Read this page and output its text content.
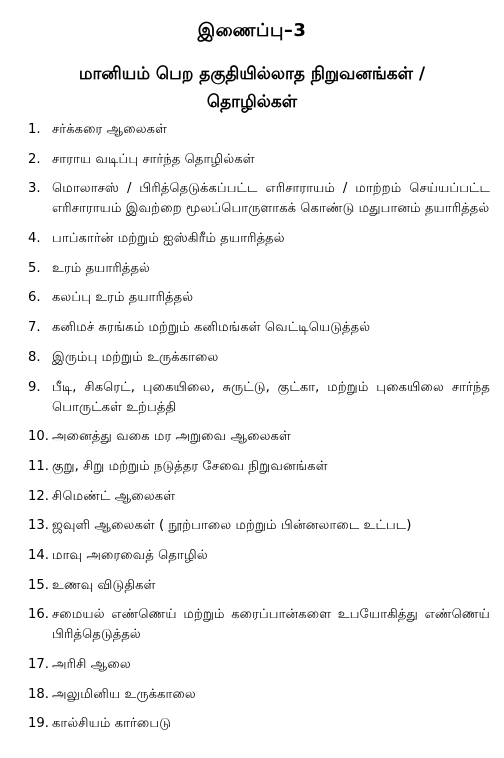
இணைப்பு–3
மானியம் பெற தகுதியில்லாத நிறுவனங்கள் /
தொழில்கள்
1. சர்க்கரை ஆலைகள்
2. சாராய வடிப்பு சார்ந்த தொழில்கள்
3. மொலாசஸ் / பிரித்தெடுக்கப்பட்ட எரிசாராயம் / மாற்றம் செய்யப்பட்ட எரிசாராயம் இவற்றை மூலப்பொருளாகக் கொண்டு மதுபானம் தயாரித்தல்
4. பாப்கார்ன் மற்றும் ஐஸ்கிரீம் தயாரித்தல்
5. உரம் தயாரித்தல்
6. கலப்பு உரம் தயாரித்தல்
7. கனிமச் சுரங்கம் மற்றும் கனிமங்கள் வெட்டியெடுத்தல்
8. இரும்பு மற்றும் உருக்காலை
9. பீடி, சிகரெட், புகையிலை, சுருட்டு, குட்கா, மற்றும் புகையிலை சார்ந்த பொருட்கள் உற்பத்தி
10. அனைத்து வகை மர அறுவை ஆலைகள்
11. குறு, சிறு மற்றும் நடுத்தர சேவை நிறுவனங்கள்
12. சிமெண்ட் ஆலைகள்
13. ஜவுளி ஆலைகள் ( நூற்பாலை மற்றும் பின்னலாடை உட்பட)
14. மாவு அரைவைத் தொழில்
15. உணவு விடுதிகள்
16. சமையல் எண்ணெய் மற்றும் கரைப்பான்களை உபயோகித்து எண்ணெய் பிரித்தெடுத்தல்
17. அரிசி ஆலை
18. அலுமினிய உருக்காலை
19. கால்சியம் கார்பைடு
